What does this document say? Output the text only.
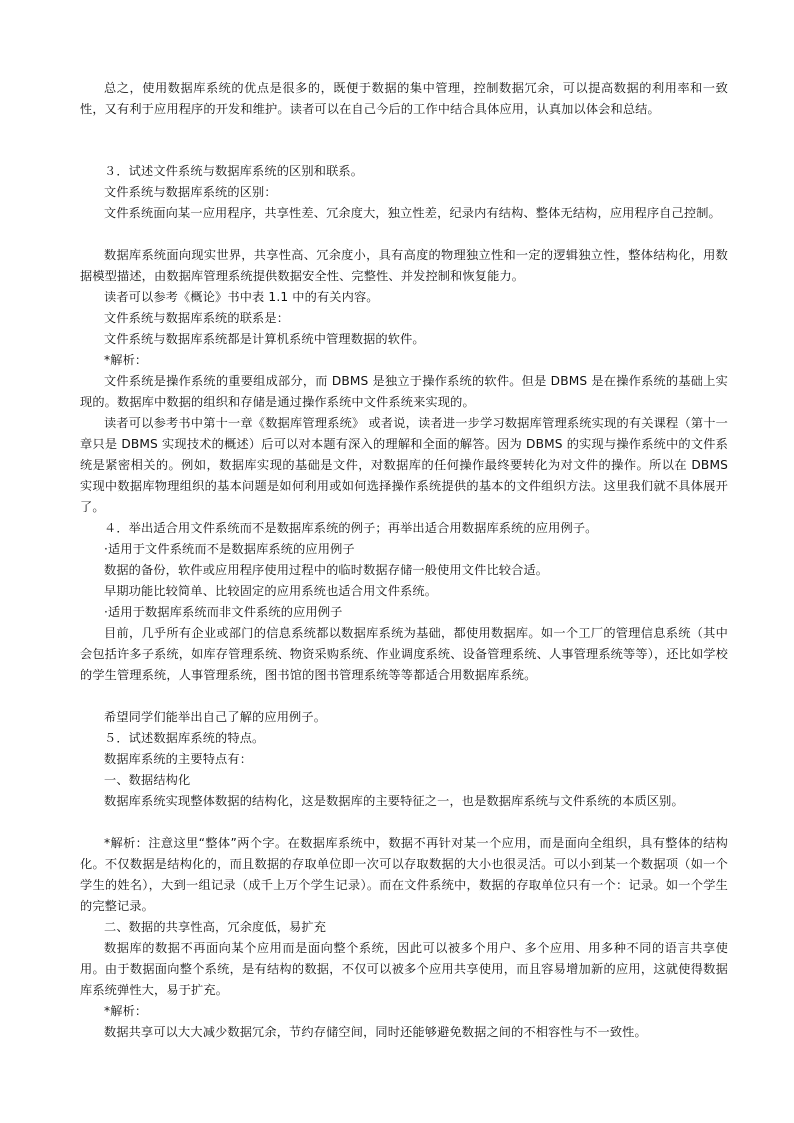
总之，使用数据库系统的优点是很多的，既便于数据的集中管理，控制数据冗余，可以提高数据的利用率和一致性，又有利于应用程序的开发和维护。读者可以在自己今后的工作中结合具体应用，认真加以体会和总结。

３．试述文件系统与数据库系统的区别和联系。

文件系统与数据库系统的区别：

文件系统面向某一应用程序，共享性差、冗余度大，独立性差，纪录内有结构、整体无结构，应用程序自己控制。

数据库系统面向现实世界，共享性高、冗余度小，具有高度的物理独立性和一定的逻辑独立性，整体结构化，用数据模型描述，由数据库管理系统提供数据安全性、完整性、并发控制和恢复能力。

读者可以参考《概论》书中表 1.1 中的有关内容。

文件系统与数据库系统的联系是：

文件系统与数据库系统都是计算机系统中管理数据的软件。

*解析：

文件系统是操作系统的重要组成部分，而 DBMS 是独立于操作系统的软件。但是 DBMS 是在操作系统的基础上实现的。数据库中数据的组织和存储是通过操作系统中文件系统来实现的。

读者可以参考书中第十一章《数据库管理系统》 或者说，读者进一步学习数据库管理系统实现的有关课程（第十一章只是 DBMS 实现技术的概述）后可以对本题有深入的理解和全面的解答。因为 DBMS 的实现与操作系统中的文件系统是紧密相关的。例如，数据库实现的基础是文件，对数据库的任何操作最终要转化为对文件的操作。所以在 DBMS 实现中数据库物理组织的基本问题是如何利用或如何选择操作系统提供的基本的文件组织方法。这里我们就不具体展开了。

４．举出适合用文件系统而不是数据库系统的例子；再举出适合用数据库系统的应用例子。

·适用于文件系统而不是数据库系统的应用例子

数据的备份，软件或应用程序使用过程中的临时数据存储一般使用文件比较合适。

早期功能比较简单、比较固定的应用系统也适合用文件系统。

·适用于数据库系统而非文件系统的应用例子

目前，几乎所有企业或部门的信息系统都以数据库系统为基础，都使用数据库。如一个工厂的管理信息系统（其中会包括许多子系统，如库存管理系统、物资采购系统、作业调度系统、设备管理系统、人事管理系统等等），还比如学校的学生管理系统，人事管理系统，图书馆的图书管理系统等等都适合用数据库系统。

希望同学们能举出自己了解的应用例子。

５．试述数据库系统的特点。

数据库系统的主要特点有：

一、数据结构化

数据库系统实现整体数据的结构化，这是数据库的主要特征之一，也是数据库系统与文件系统的本质区别。

*解析：注意这里“整体”两个字。在数据库系统中，数据不再针对某一个应用，而是面向全组织，具有整体的结构化。不仅数据是结构化的，而且数据的存取单位即一次可以存取数据的大小也很灵活。可以小到某一个数据项（如一个学生的姓名），大到一组记录（成千上万个学生记录）。而在文件系统中，数据的存取单位只有一个：记录。如一个学生的完整记录。

二、数据的共享性高，冗余度低，易扩充

数据库的数据不再面向某个应用而是面向整个系统，因此可以被多个用户、多个应用、用多种不同的语言共享使用。由于数据面向整个系统，是有结构的数据，不仅可以被多个应用共享使用，而且容易增加新的应用，这就使得数据库系统弹性大，易于扩充。

*解析：

数据共享可以大大减少数据冗余，节约存储空间，同时还能够避免数据之间的不相容性与不一致性。
